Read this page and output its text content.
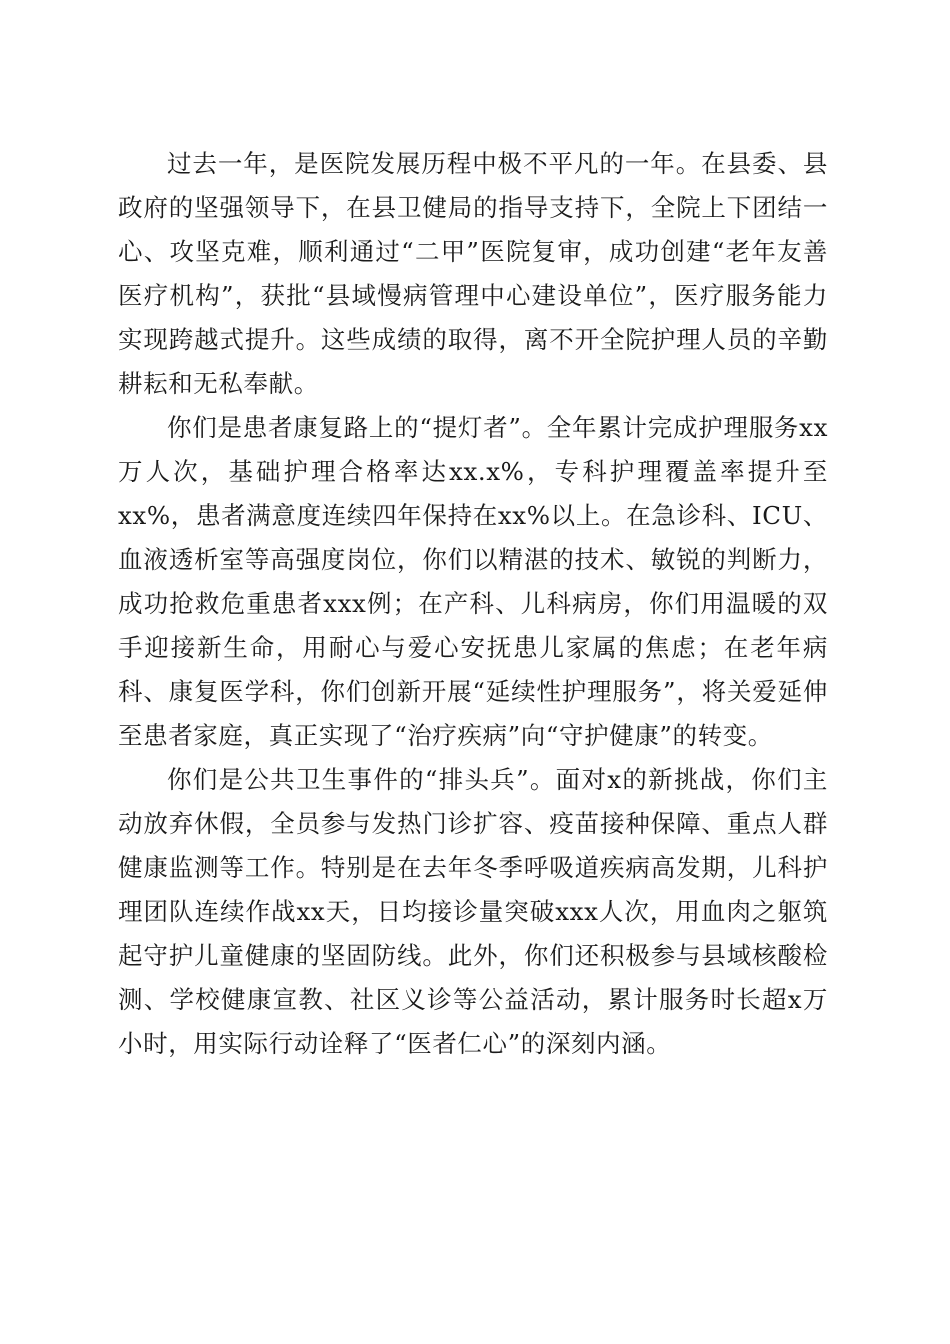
过去一年，是医院发展历程中极不平凡的一年。在县委、县政府的坚强领导下，在县卫健局的指导支持下，全院上下团结一心、攻坚克难，顺利通过“二甲”医院复审，成功创建“老年友善医疗机构”，获批“县域慢病管理中心建设单位”，医疗服务能力实现跨越式提升。这些成绩的取得，离不开全院护理人员的辛勤耕耘和无私奉献。

你们是患者康复路上的“提灯者”。全年累计完成护理服务xx万人次，基础护理合格率达xx.x%，专科护理覆盖率提升至xx%，患者满意度连续四年保持在xx%以上。在急诊科、ICU、血液透析室等高强度岗位，你们以精湛的技术、敏锐的判断力，成功抢救危重患者xxx例；在产科、儿科病房，你们用温暖的双手迎接新生命，用耐心与爱心安抚患儿家属的焦虑；在老年病科、康复医学科，你们创新开展“延续性护理服务”，将关爱延伸至患者家庭，真正实现了“治疗疾病”向“守护健康”的转变。

你们是公共卫生事件的“排头兵”。面对x的新挑战，你们主动放弃休假，全员参与发热门诊扩容、疫苗接种保障、重点人群健康监测等工作。特别是在去年冬季呼吸道疾病高发期，儿科护理团队连续作战xx天，日均接诊量突破xxx人次，用血肉之躯筑起守护儿童健康的坚固防线。此外，你们还积极参与县域核酸检测、学校健康宣教、社区义诊等公益活动，累计服务时长超x万小时，用实际行动诠释了“医者仁心”的深刻内涵。
